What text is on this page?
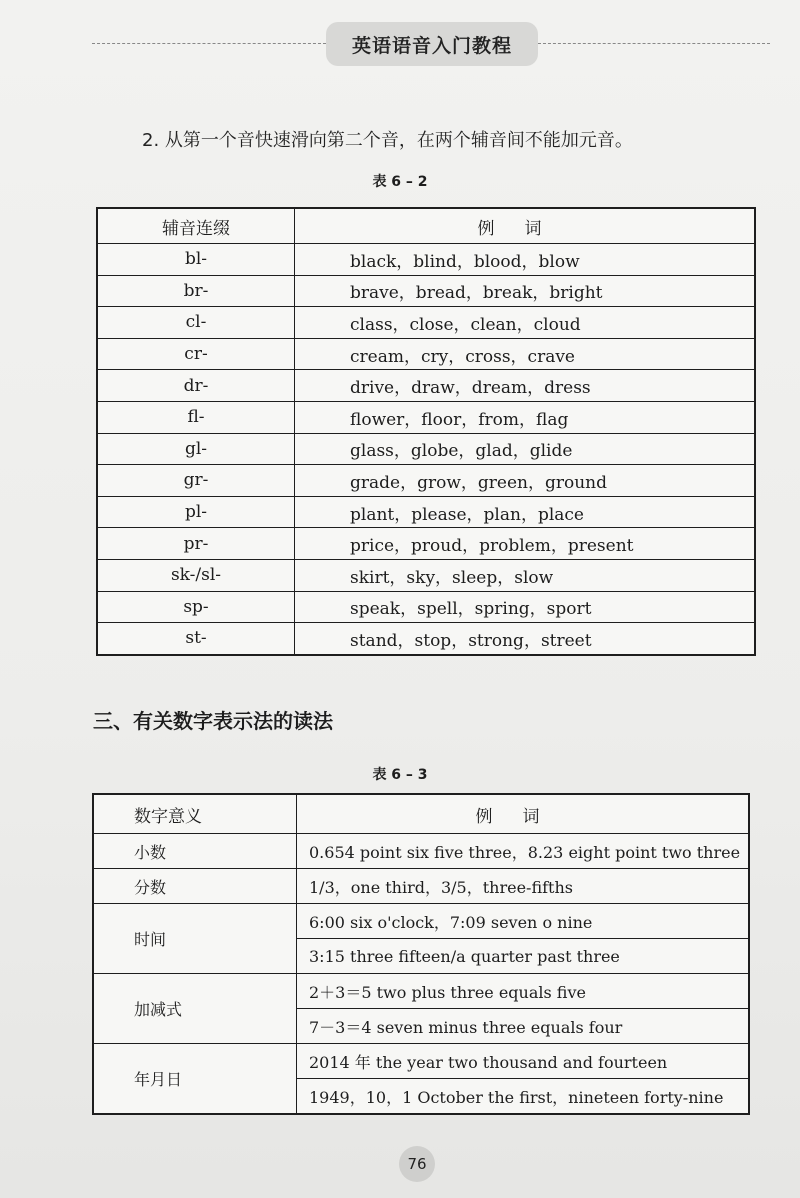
英语语音入门教程
2. 从第一个音快速滑向第二个音，在两个辅音间不能加元音。
表 6 – 2
辅音连缀	例词
bl-	black，blind，blood，blow
br-	brave，bread，break，bright
cl-	class，close，clean，cloud
cr-	cream，cry，cross，crave
dr-	drive，draw，dream，dress
fl-	flower，floor，from，flag
gl-	glass，globe，glad，glide
gr-	grade，grow，green，ground
pl-	plant，please，plan，place
pr-	price，proud，problem，present
sk-/sl-	skirt，sky，sleep，slow
sp-	speak，spell，spring，sport
st-	stand，stop，strong，street
三、有关数字表示法的读法
表 6 – 3
数字意义	例词
小数	0.654 point six five three，8.23 eight point two three
分数	1/3，one third，3/5，three-fifths
时间	6:00 six o'clock，7:09 seven o nine
	3:15 three fifteen/a quarter past three
加减式	2＋3＝5 two plus three equals five
	7－3＝4 seven minus three equals four
年月日	2014 年 the year two thousand and fourteen
	1949，10，1 October the first，nineteen forty-nine
76
